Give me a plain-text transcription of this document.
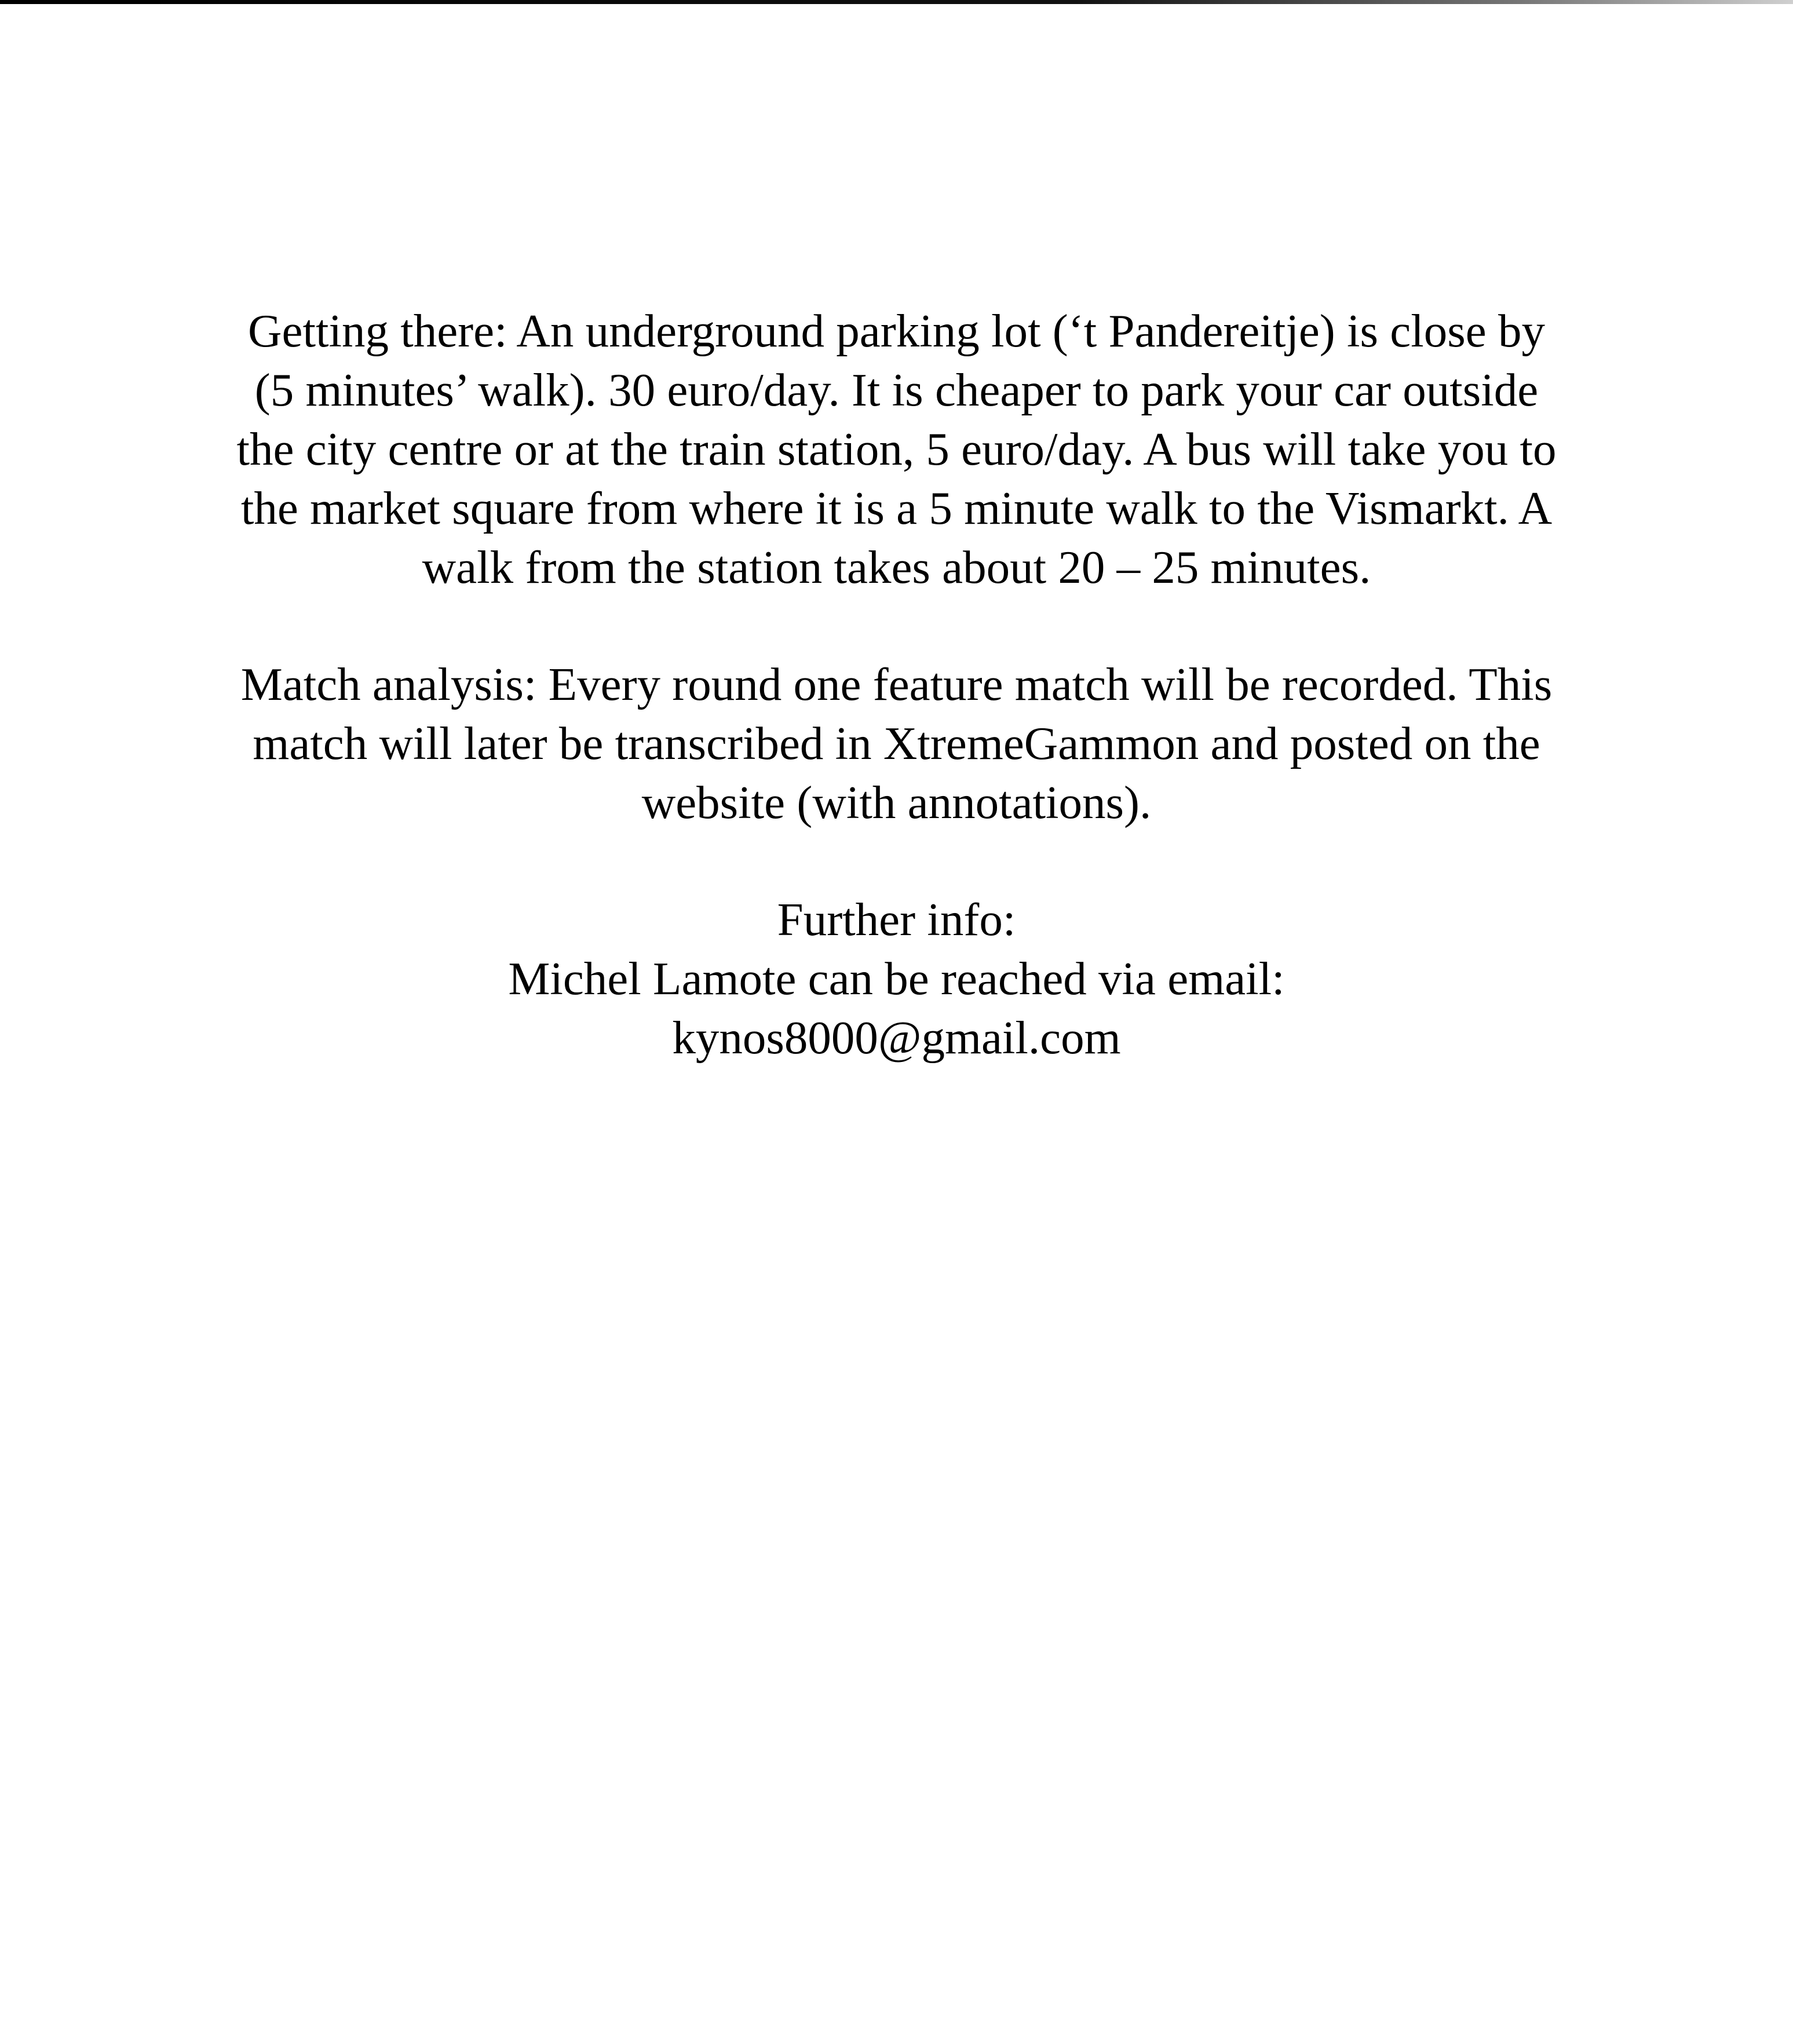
Getting there: An underground parking lot (‘t Pandereitje) is close by
(5 minutes’ walk). 30 euro/day. It is cheaper to park your car outside
the city centre or at the train station, 5 euro/day. A bus will take you to
the market square from where it is a 5 minute walk to the Vismarkt. A
walk from the station takes about 20 – 25 minutes.
Match analysis: Every round one feature match will be recorded. This
match will later be transcribed in XtremeGammon and posted on the
website (with annotations).
Further info:
Michel Lamote can be reached via email:
kynos8000@gmail.com
